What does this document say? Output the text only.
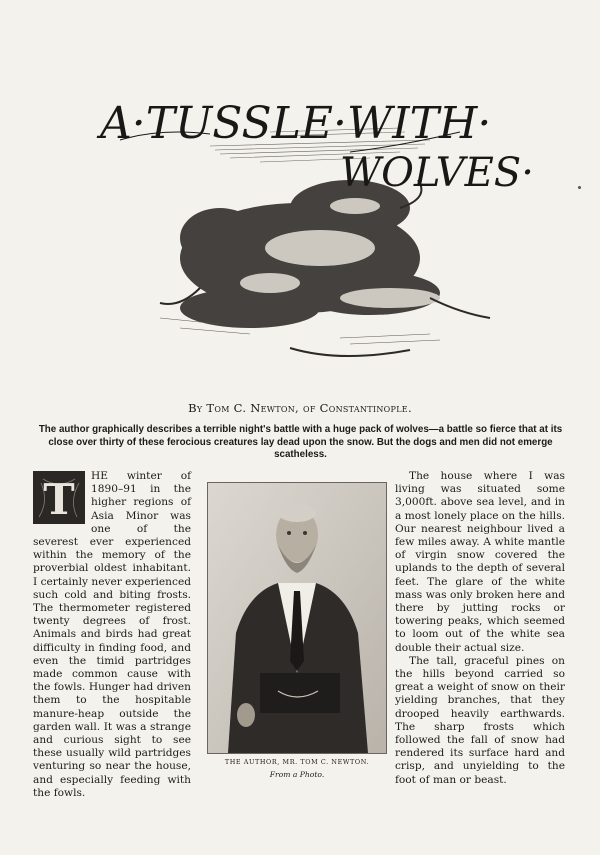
A·TUSSLE·WITH·
WOLVES·
By Tom C. Newton, of Constantinople.
The author graphically describes a terrible night's battle with a huge pack of wolves—a battle so fierce that at its close over thirty of these ferocious creatures lay dead upon the snow. But the dogs and men did not emerge scatheless.
T	HE winter of 1890–91 in the higher regions of Asia Minor was one of the severest ever experienced within the memory of the proverbial oldest inhabitant. I certainly never experienced such cold and biting frosts. The thermometer registered twenty degrees of frost. Animals and birds had great difficulty in finding food, and even the timid partridges made common cause with the fowls. Hunger had driven them to the hospitable manure-heap outside the garden wall. It was a strange and curious sight to see these usually wild partridges venturing so near the house, and especially feeding with the fowls.

THE AUTHOR, MR. TOM C. NEWTON.
From a Photo.

The house where I was living was situated some 3,000ft. above sea level, and in a most lonely place on the hills. Our nearest neighbour lived a few miles away. A white mantle of virgin snow covered the uplands to the depth of several feet. The glare of the white mass was only broken here and there by jutting rocks or towering peaks, which seemed to loom out of the white sea double their actual size.

The tall, graceful pines on the hills beyond carried so great a weight of snow on their yielding branches, that they drooped heavily earthwards. The sharp frosts which followed the fall of snow had rendered its surface hard and crisp, and unyielding to the foot of man or beast.
